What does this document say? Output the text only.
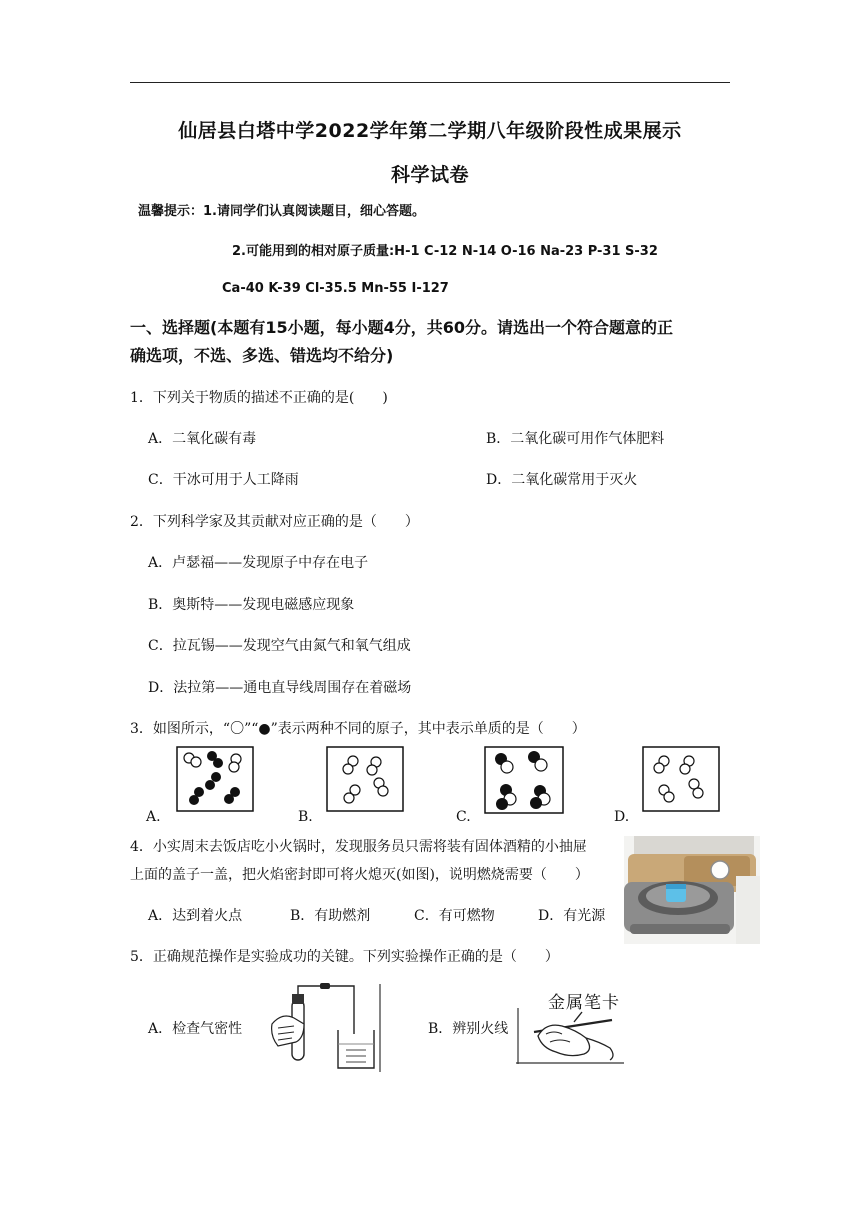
仙居县白塔中学2022学年第二学期八年级阶段性成果展示
科学试卷
温馨提示：1.请同学们认真阅读题目，细心答题。
2.可能用到的相对原子质量:H-1 C-12 N-14 O-16 Na-23 P-31 S-32
Ca-40 K-39 Cl-35.5 Mn-55 I-127
一、选择题(本题有15小题，每小题4分，共60分。请选出一个符合题意的正
确选项，不选、多选、错选均不给分)
1．下列关于物质的描述不正确的是(　　)
A．二氧化碳有毒	B．二氧化碳可用作气体肥料
C．干冰可用于人工降雨	D．二氧化碳常用于灭火
2．下列科学家及其贡献对应正确的是（　　）
A．卢瑟福——发现原子中存在电子
B．奥斯特——发现电磁感应现象
C．拉瓦锡——发现空气由氮气和氧气组成
D．法拉第——通电直导线周围存在着磁场
3．如图所示，“〇”“●”表示两种不同的原子，其中表示单质的是（　　）
A.	B.	C.	D.
4．小实周末去饭店吃小火锅时，发现服务员只需将装有固体酒精的小抽屉
上面的盖子一盖，把火焰密封即可将火熄灭(如图)，说明燃烧需要（　　）
A．达到着火点	B．有助燃剂	C．有可燃物	D．有光源
5．正确规范操作是实验成功的关键。下列实验操作正确的是（　　）
A．检查气密性	B．辨别火线
金属笔卡
